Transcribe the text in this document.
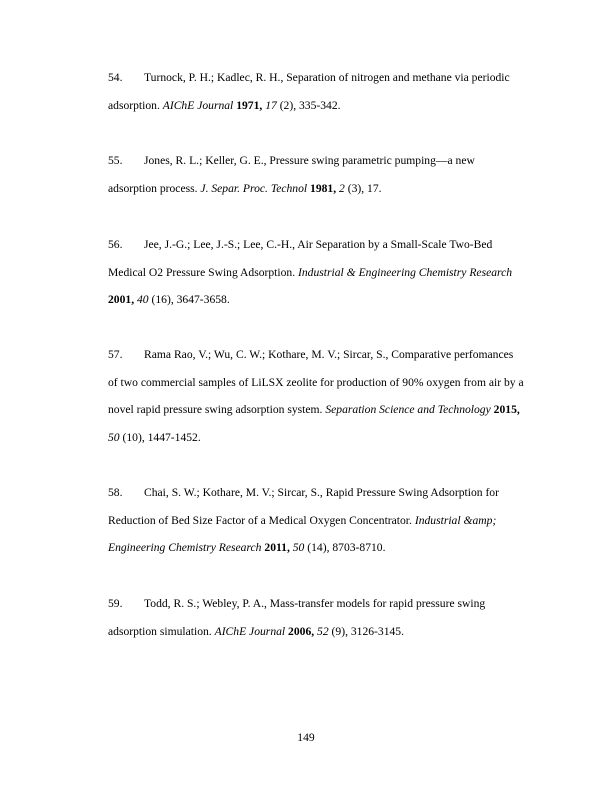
54. Turnock, P. H.; Kadlec, R. H., Separation of nitrogen and methane via periodic
adsorption. AIChE Journal 1971, 17 (2), 335-342.
55. Jones, R. L.; Keller, G. E., Pressure swing parametric pumping—a new
adsorption process. J. Separ. Proc. Technol 1981, 2 (3), 17.
56. Jee, J.-G.; Lee, J.-S.; Lee, C.-H., Air Separation by a Small-Scale Two-Bed
Medical O2 Pressure Swing Adsorption. Industrial & Engineering Chemistry Research
2001, 40 (16), 3647-3658.
57. Rama Rao, V.; Wu, C. W.; Kothare, M. V.; Sircar, S., Comparative perfomances
of two commercial samples of LiLSX zeolite for production of 90% oxygen from air by a
novel rapid pressure swing adsorption system. Separation Science and Technology 2015,
50 (10), 1447-1452.
58. Chai, S. W.; Kothare, M. V.; Sircar, S., Rapid Pressure Swing Adsorption for
Reduction of Bed Size Factor of a Medical Oxygen Concentrator. Industrial &amp;
Engineering Chemistry Research 2011, 50 (14), 8703-8710.
59. Todd, R. S.; Webley, P. A., Mass-transfer models for rapid pressure swing
adsorption simulation. AIChE Journal 2006, 52 (9), 3126-3145.
149
